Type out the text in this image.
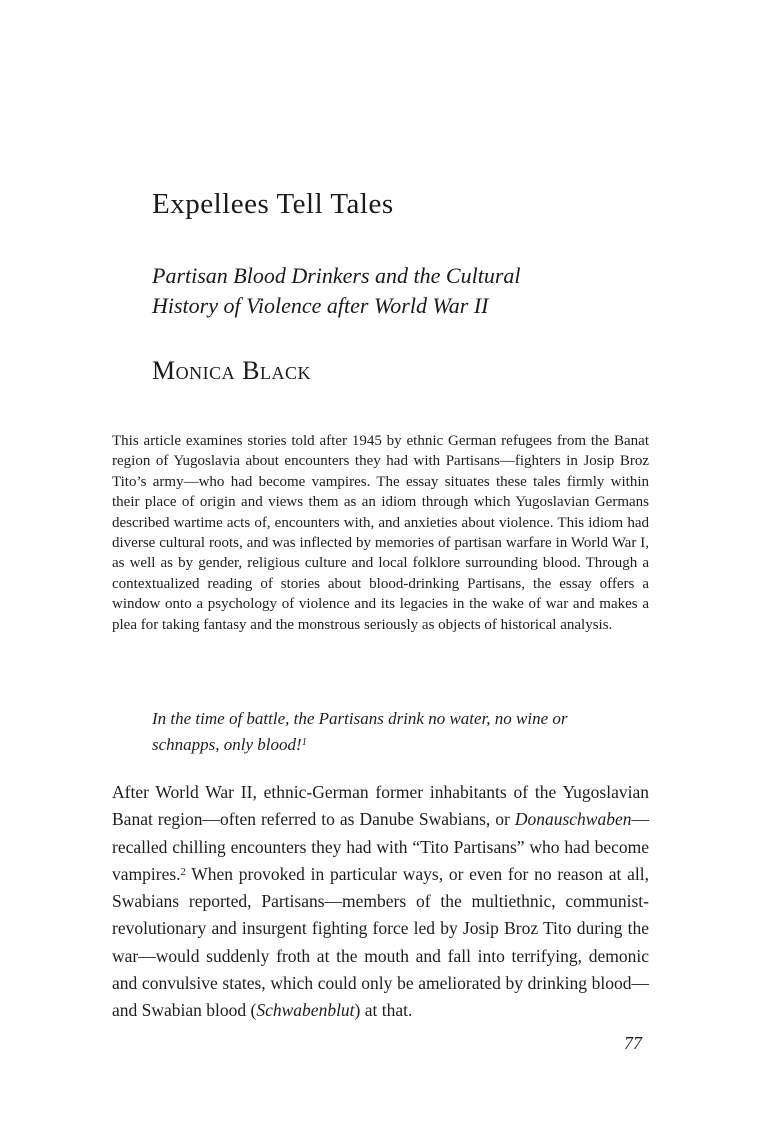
Expellees Tell Tales
Partisan Blood Drinkers and the Cultural
History of Violence after World War II
Monica Black

This article examines stories told after 1945 by ethnic German refugees from the Banat region of Yugoslavia about encounters they had with Partisans—fighters in Josip Broz Tito’s army—who had become vampires. The essay situates these tales firmly within their place of origin and views them as an idiom through which Yugoslavian Germans described wartime acts of, encounters with, and anxieties about violence. This idiom had diverse cultural roots, and was inflected by memories of partisan warfare in World War I, as well as by gender, religious culture and local folklore surrounding blood. Through a contextualized reading of stories about blood-drinking Partisans, the essay offers a window onto a psychology of violence and its legacies in the wake of war and makes a plea for taking fantasy and the monstrous seriously as objects of historical analysis.

In the time of battle, the Partisans drink no water, no wine or
schnapps, only blood!$^1$

After World War II, ethnic-German former inhabitants of the Yugoslavian Banat region—often referred to as Danube Swabians, or Donauschwaben—recalled chilling encounters they had with “Tito Partisans” who had become vampires.$^2$ When provoked in particular ways, or even for no reason at all, Swabians reported, Partisans—members of the multiethnic, communist-revolutionary and insurgent fighting force led by Josip Broz Tito during the war—would suddenly froth at the mouth and fall into terrifying, demonic and convulsive states, which could only be ameliorated by drinking blood—and Swabian blood (Schwabenblut) at that.

77
